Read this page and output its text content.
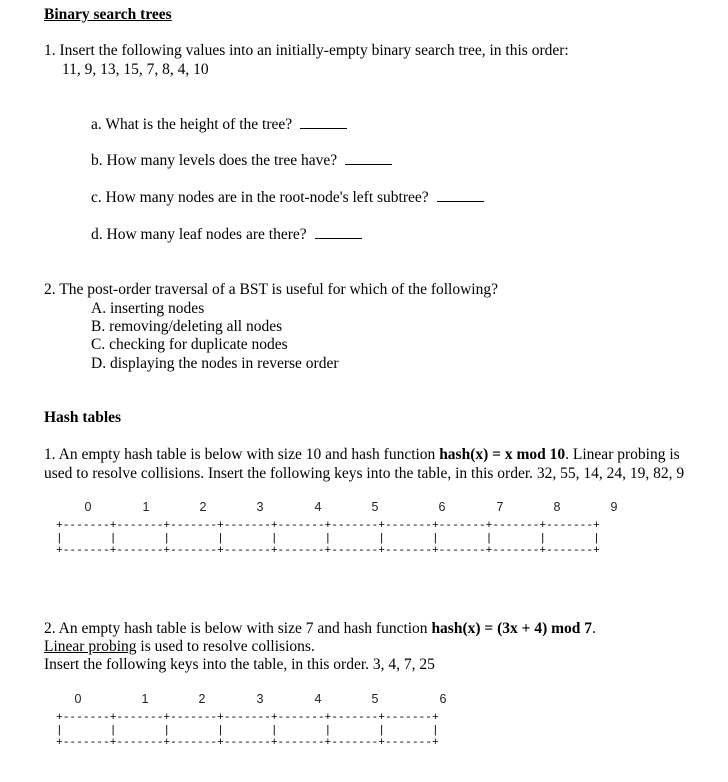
Binary search trees
1. Insert the following values into an initially-empty binary search tree, in this order:
11, 9, 13, 15, 7, 8, 4, 10
a. What is the height of the tree?
b. How many levels does the tree have?
c. How many nodes are in the root-node's left subtree?
d. How many leaf nodes are there?
2. The post-order traversal of a BST is useful for which of the following?
A. inserting nodes
B. removing/deleting all nodes
C. checking for duplicate nodes
D. displaying the nodes in reverse order
Hash tables
1. An empty hash table is below with size 10 and hash function hash(x) = x mod 10. Linear probing is
used to resolve collisions. Insert the following keys into the table, in this order. 32, 55, 14, 24, 19, 82, 9
0	1	2	3	4	5	6	7	8	9
+-------+-------+-------+-------+-------+-------+-------+-------+-------+-------+
|       |       |       |       |       |       |       |       |       |       |
+-------+-------+-------+-------+-------+-------+-------+-------+-------+-------+
2. An empty hash table is below with size 7 and hash function hash(x) = (3x + 4) mod 7.
Linear probing is used to resolve collisions.
Insert the following keys into the table, in this order. 3, 4, 7, 25
0	1	2	3	4	5	6
+-------+-------+-------+-------+-------+-------+-------+
|       |       |       |       |       |       |       |
+-------+-------+-------+-------+-------+-------+-------+
